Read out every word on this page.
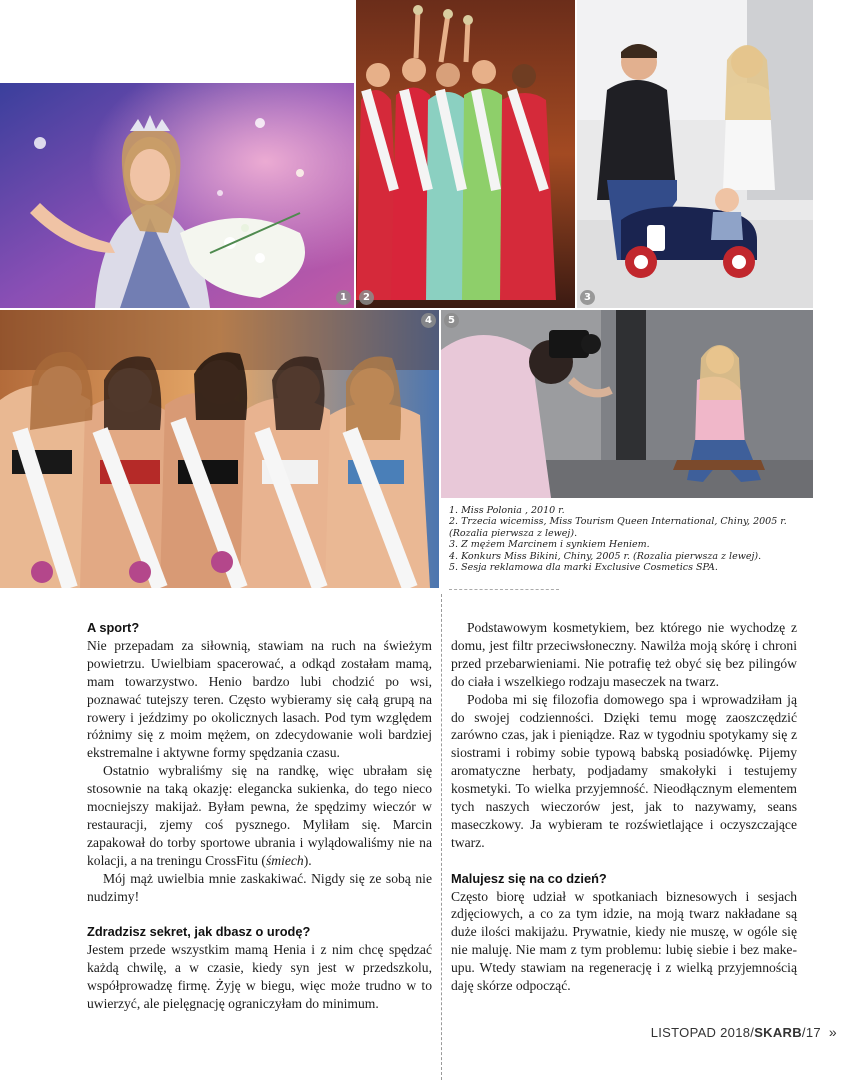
1	2	3
4	5

1. Miss Polonia , 2010 r.

2. Trzecia wicemiss, Miss Tourism Queen International, Chiny, 2005 r. (Rozalia pierwsza z lewej).

3. Z mężem Marcinem i synkiem Heniem.

4. Konkurs Miss Bikini, Chiny, 2005 r. (Rozalia pierwsza z lewej).

5. Sesja reklamowa dla marki Exclusive Cosmetics SPA.

A sport?

Nie przepadam za siłownią, stawiam na ruch na świeżym powietrzu. Uwielbiam spacerować, a odkąd zostałam mamą, mam towarzystwo. Henio bardzo lubi chodzić po wsi, poznawać tutejszy teren. Często wybieramy się całą grupą na rowery i jeździmy po okolicznych lasach. Pod tym względem różnimy się z moim mężem, on zdecydowanie woli bardziej ekstremalne i aktywne formy spędzania czasu.

Ostatnio wybraliśmy się na randkę, więc ubrałam się stosownie na taką okazję: elegancka sukienka, do tego nieco mocniejszy makijaż. Byłam pewna, że spędzimy wieczór w restauracji, zjemy coś pysznego. Myliłam się. Marcin zapakował do torby sportowe ubrania i wylądowaliśmy nie na kolacji, a na treningu CrossFitu (śmiech).

Mój mąż uwielbia mnie zaskakiwać. Nigdy się ze sobą nie nudzimy!

Zdradzisz sekret, jak dbasz o urodę?

Jestem przede wszystkim mamą Henia i z nim chcę spędzać każdą chwilę, a w czasie, kiedy syn jest w przedszkolu, współprowadzę firmę. Żyję w biegu, więc może trudno w to uwierzyć, ale pielęgnację ograniczyłam do minimum.

Podstawowym kosmetykiem, bez którego nie wychodzę z domu, jest filtr przeciwsłoneczny. Nawilża moją skórę i chroni przed przebarwieniami. Nie potrafię też obyć się bez pilingów do ciała i wszelkiego rodzaju maseczek na twarz.

Podoba mi się filozofia domowego spa i wprowadziłam ją do swojej codzienności. Dzięki temu mogę zaoszczędzić zarówno czas, jak i pieniądze. Raz w tygodniu spotykamy się z siostrami i robimy sobie typową babską posiadówkę. Pijemy aromatyczne herbaty, podjadamy smakołyki i testujemy kosmetyki. To wielka przyjemność. Nieodłącznym elementem tych naszych wieczorów jest, jak to nazywamy, seans maseczkowy. Ja wybieram te rozświetlające i oczyszczające twarz.

Malujesz się na co dzień?

Często biorę udział w spotkaniach biznesowych i sesjach zdjęciowych, a co za tym idzie, na moją twarz nakładane są duże ilości makijażu. Prywatnie, kiedy nie muszę, w ogóle się nie maluję. Nie mam z tym problemu: lubię siebie i bez make-upu. Wtedy stawiam na regenerację i z wielką przyjemnością daję skórze odpocząć.

LISTOPAD 2018/SKARB/17 »
